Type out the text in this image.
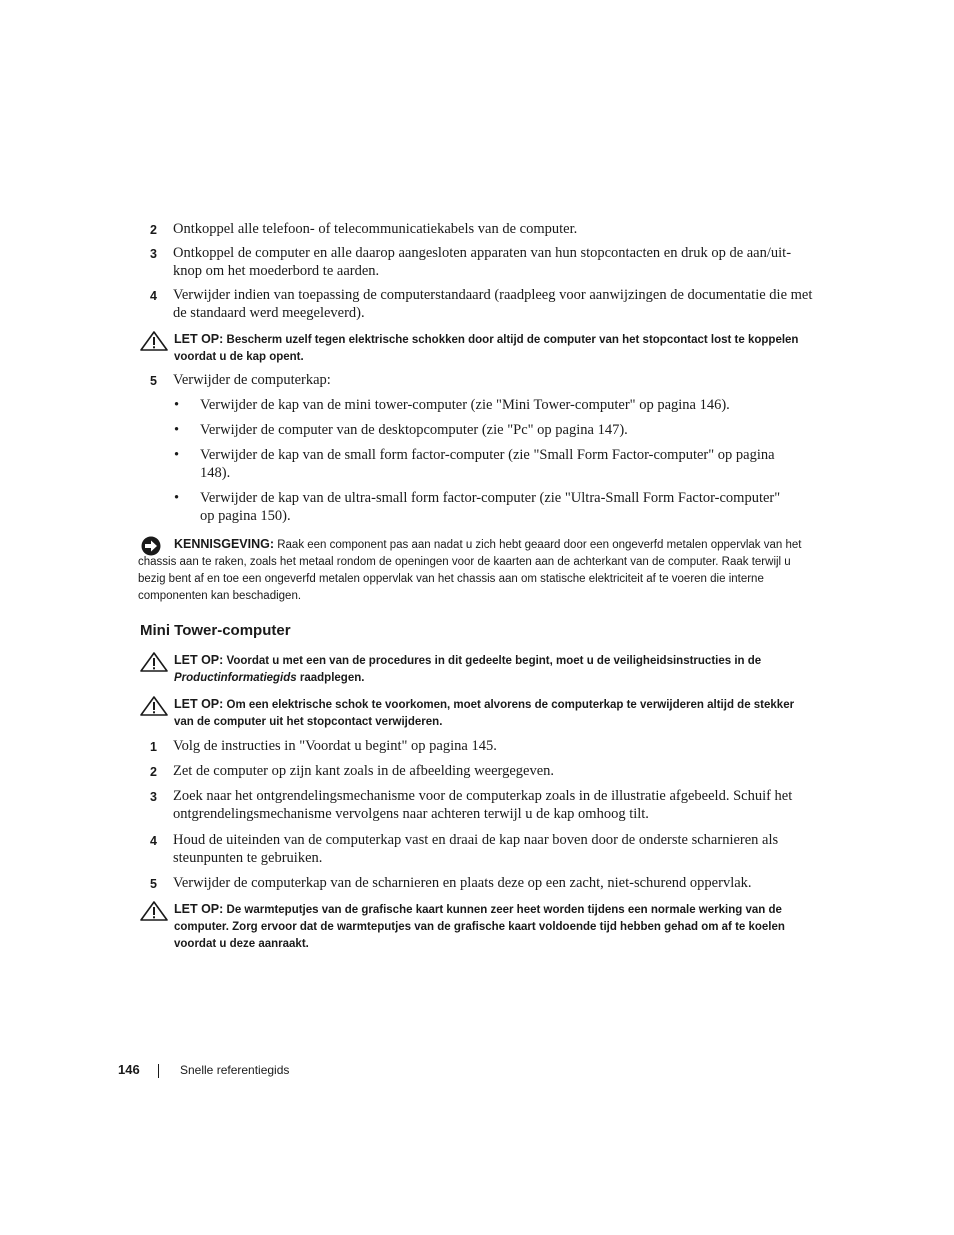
2 Ontkoppel alle telefoon- of telecommunicatiekabels van de computer.
3 Ontkoppel de computer en alle daarop aangesloten apparaten van hun stopcontacten en druk op de aan/uit-knop om het moederbord te aarden.
4 Verwijder indien van toepassing de computerstandaard (raadpleeg voor aanwijzingen de documentatie die met de standaard werd meegeleverd).
LET OP: Bescherm uzelf tegen elektrische schokken door altijd de computer van het stopcontact lost te koppelen voordat u de kap opent.
5 Verwijder de computerkap:
• Verwijder de kap van de mini tower-computer (zie "Mini Tower-computer" op pagina 146).
• Verwijder de computer van de desktopcomputer (zie "Pc" op pagina 147).
• Verwijder de kap van de small form factor-computer (zie "Small Form Factor-computer" op pagina 148).
• Verwijder de kap van de ultra-small form factor-computer (zie "Ultra-Small Form Factor-computer" op pagina 150).
KENNISGEVING: Raak een component pas aan nadat u zich hebt geaard door een ongeverfd metalen oppervlak van het chassis aan te raken, zoals het metaal rondom de openingen voor de kaarten aan de achterkant van de computer. Raak terwijl u bezig bent af en toe een ongeverfd metalen oppervlak van het chassis aan om statische elektriciteit af te voeren die interne componenten kan beschadigen.
Mini Tower-computer
LET OP: Voordat u met een van de procedures in dit gedeelte begint, moet u de veiligheidsinstructies in de Productinformatiegids raadplegen.
LET OP: Om een elektrische schok te voorkomen, moet alvorens de computerkap te verwijderen altijd de stekker van de computer uit het stopcontact verwijderen.
1 Volg de instructies in "Voordat u begint" op pagina 145.
2 Zet de computer op zijn kant zoals in de afbeelding weergegeven.
3 Zoek naar het ontgrendelingsmechanisme voor de computerkap zoals in de illustratie afgebeeld. Schuif het ontgrendelingsmechanisme vervolgens naar achteren terwijl u de kap omhoog tilt.
4 Houd de uiteinden van de computerkap vast en draai de kap naar boven door de onderste scharnieren als steunpunten te gebruiken.
5 Verwijder de computerkap van de scharnieren en plaats deze op een zacht, niet-schurend oppervlak.
LET OP: De warmteputjes van de grafische kaart kunnen zeer heet worden tijdens een normale werking van de computer. Zorg ervoor dat de warmteputjes van de grafische kaart voldoende tijd hebben gehad om af te koelen voordat u deze aanraakt.
146	Snelle referentiegids
